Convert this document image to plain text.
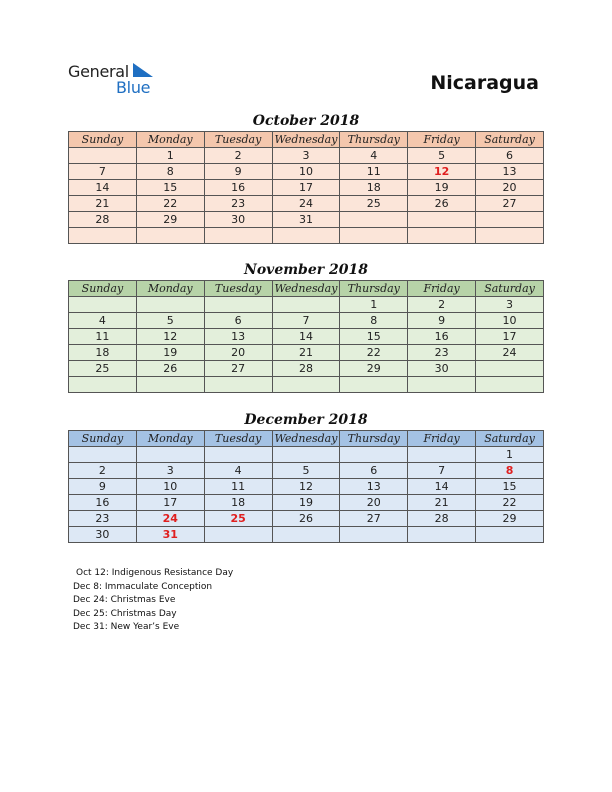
General
Blue	Nicaragua
October 2018
Sunday	Monday	Tuesday	Wednesday	Thursday	Friday	Saturday
	1	2	3	4	5	6
7	8	9	10	11	12	13
14	15	16	17	18	19	20
21	22	23	24	25	26	27
28	29	30	31			

November 2018
Sunday	Monday	Tuesday	Wednesday	Thursday	Friday	Saturday
				1	2	3
4	5	6	7	8	9	10
11	12	13	14	15	16	17
18	19	20	21	22	23	24
25	26	27	28	29	30	

December 2018
Sunday	Monday	Tuesday	Wednesday	Thursday	Friday	Saturday
						1
2	3	4	5	6	7	8
9	10	11	12	13	14	15
16	17	18	19	20	21	22
23	24	25	26	27	28	29
30	31					
Oct 12: Indigenous Resistance Day
Dec 8: Immaculate Conception
Dec 24: Christmas Eve
Dec 25: Christmas Day
Dec 31: New Year’s Eve
